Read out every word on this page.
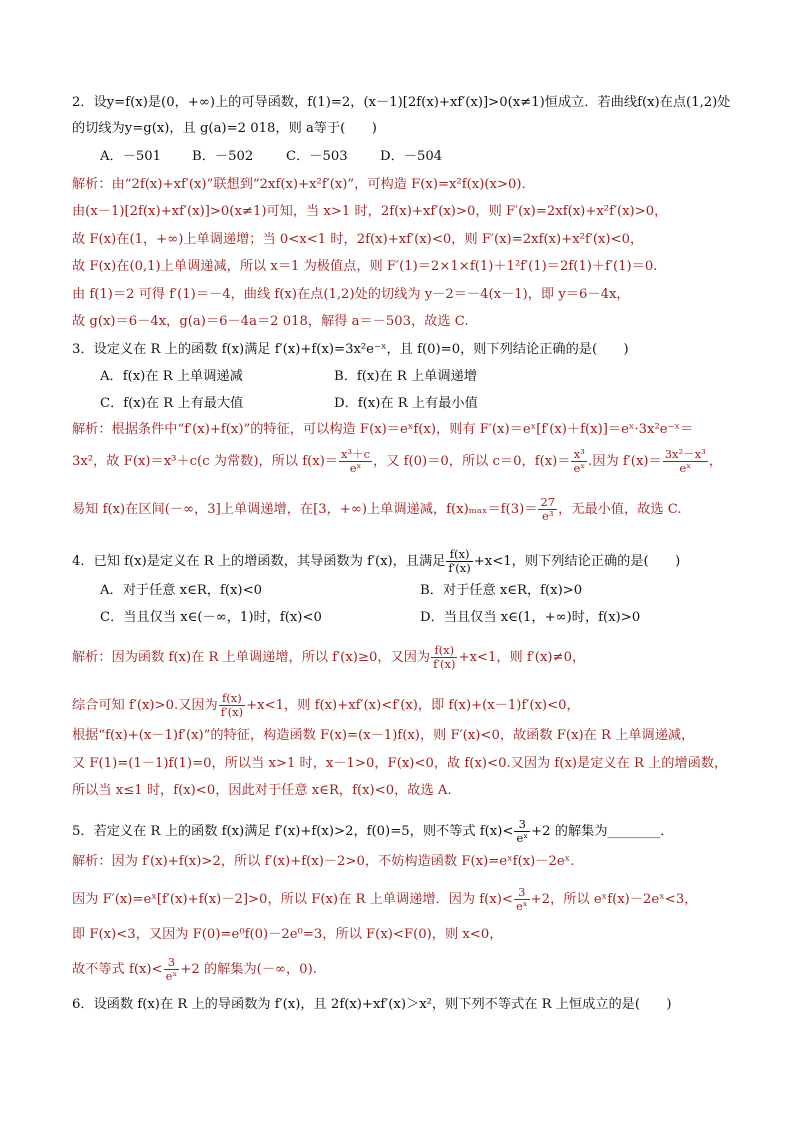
2．设y=f(x)是(0，+∞)上的可导函数，f(1)=2，(x－1)[2f(x)+xf′(x)]>0(x≠1)恒成立．若曲线f(x)在点(1,2)处
的切线为y=g(x)，且 g(a)=2 018，则 a等于(　　)
A．－501 B．－502 C．－503 D．－504
解析：由“2f(x)+xf′(x)”联想到“2xf(x)+x²f′(x)”，可构造 F(x)=x²f(x)(x>0)．
由(x－1)[2f(x)+xf′(x)]>0(x≠1)可知，当 x>1 时，2f(x)+xf′(x)>0，则 F′(x)=2xf(x)+x²f′(x)>0，
故 F(x)在(1，+∞)上单调递增；当 0<x<1 时，2f(x)+xf′(x)<0，则 F′(x)=2xf(x)+x²f′(x)<0，
故 F(x)在(0,1)上单调递减，所以 x＝1 为极值点，则 F′(1)＝2×1×f(1)＋1²f′(1)＝2f(1)＋f′(1)＝0.
由 f(1)＝2 可得 f′(1)＝－4，曲线 f(x)在点(1,2)处的切线为 y－2＝－4(x－1)，即 y＝6－4x，
故 g(x)＝6－4x，g(a)＝6－4a＝2 018，解得 a＝－503，故选 C.
3．设定义在 R 上的函数 f(x)满足 f′(x)+f(x)=3x²e⁻ˣ，且 f(0)=0，则下列结论正确的是(　　)
A．f(x)在 R 上单调递减	B．f(x)在 R 上单调递增
C．f(x)在 R 上有最大值	D．f(x)在 R 上有最小值
解析：根据条件中“f′(x)+f(x)”的特征，可以构造 F(x)＝eˣf(x)，则有 F′(x)＝eˣ[f′(x)＋f(x)]＝eˣ·3x²e⁻ˣ＝
3x²，故 F(x)＝x³＋c(c 为常数)，所以 $f(x)= \frac{\text{x³＋c}}{\text{eˣ}}$ ，又 f(0)＝0，所以 c＝0，$f(x)= \frac{\text{x³}}{\text{eˣ}}$ .因为 $f'(x)= \frac{\text{3x²－x³}}{\text{eˣ}}$ ，
易知 f(x)在区间(－∞，3]上单调递增，在[3，+∞)上单调递减，$f(x)_{max}=f(3)= \frac{27}{\text{e³}}$ ，无最小值，故选 C.
4．已知 f(x)是定义在 R 上的增函数，其导函数为 f′(x)，且满足 $\frac{f(x)}{f'(x)} +x<1$，则下列结论正确的是(　　)
A．对于任意 x∈R，f(x)<0	B．对于任意 x∈R，f(x)>0
C．当且仅当 x∈(－∞，1)时，f(x)<0	D．当且仅当 x∈(1，+∞)时，f(x)>0
解析：因为函数 f(x)在 R 上单调递增，所以 f′(x)≥0，又因为 $\frac{f(x)}{f'(x)} +x<1$，则 f′(x)≠0，
综合可知 f′(x)>0.又因为 $\frac{f(x)}{f'(x)} +x<1$，则 f(x)+xf′(x)<f′(x)，即 f(x)+(x－1)f′(x)<0，
根据“f(x)+(x－1)f′(x)”的特征，构造函数 F(x)=(x－1)f(x)，则 F′(x)<0，故函数 F(x)在 R 上单调递减，
又 F(1)=(1－1)f(1)=0，所以当 x>1 时，x－1>0，F(x)<0，故 f(x)<0.又因为 f(x)是定义在 R 上的增函数，
所以当 x≤1 时，f(x)<0，因此对于任意 x∈R，f(x)<0，故选 A.
5．若定义在 R 上的函数 f(x)满足 f′(x)+f(x)>2，f(0)=5，则不等式 $f(x)< \frac{3}{\text{eˣ}} +2$ 的解集为________．
解析：因为 f′(x)+f(x)>2，所以 f′(x)+f(x)－2>0，不妨构造函数 F(x)=eˣf(x)－2eˣ.
因为 F′(x)=eˣ[f′(x)+f(x)－2]>0，所以 F(x)在 R 上单调递增．因为 $f(x)< \frac{3}{\text{eˣ}} +2$，所以 eˣf(x)－2eˣ<3，
即 F(x)<3，又因为 F(0)=e⁰f(0)－2e⁰=3，所以 F(x)<F(0)，则 x<0，
故不等式 $f(x)< \frac{3}{\text{eˣ}} +2$ 的解集为(－∞，0).
6．设函数 f(x)在 R 上的导函数为 f′(x)，且 2f(x)+xf′(x)＞x²，则下列不等式在 R 上恒成立的是(　　)
